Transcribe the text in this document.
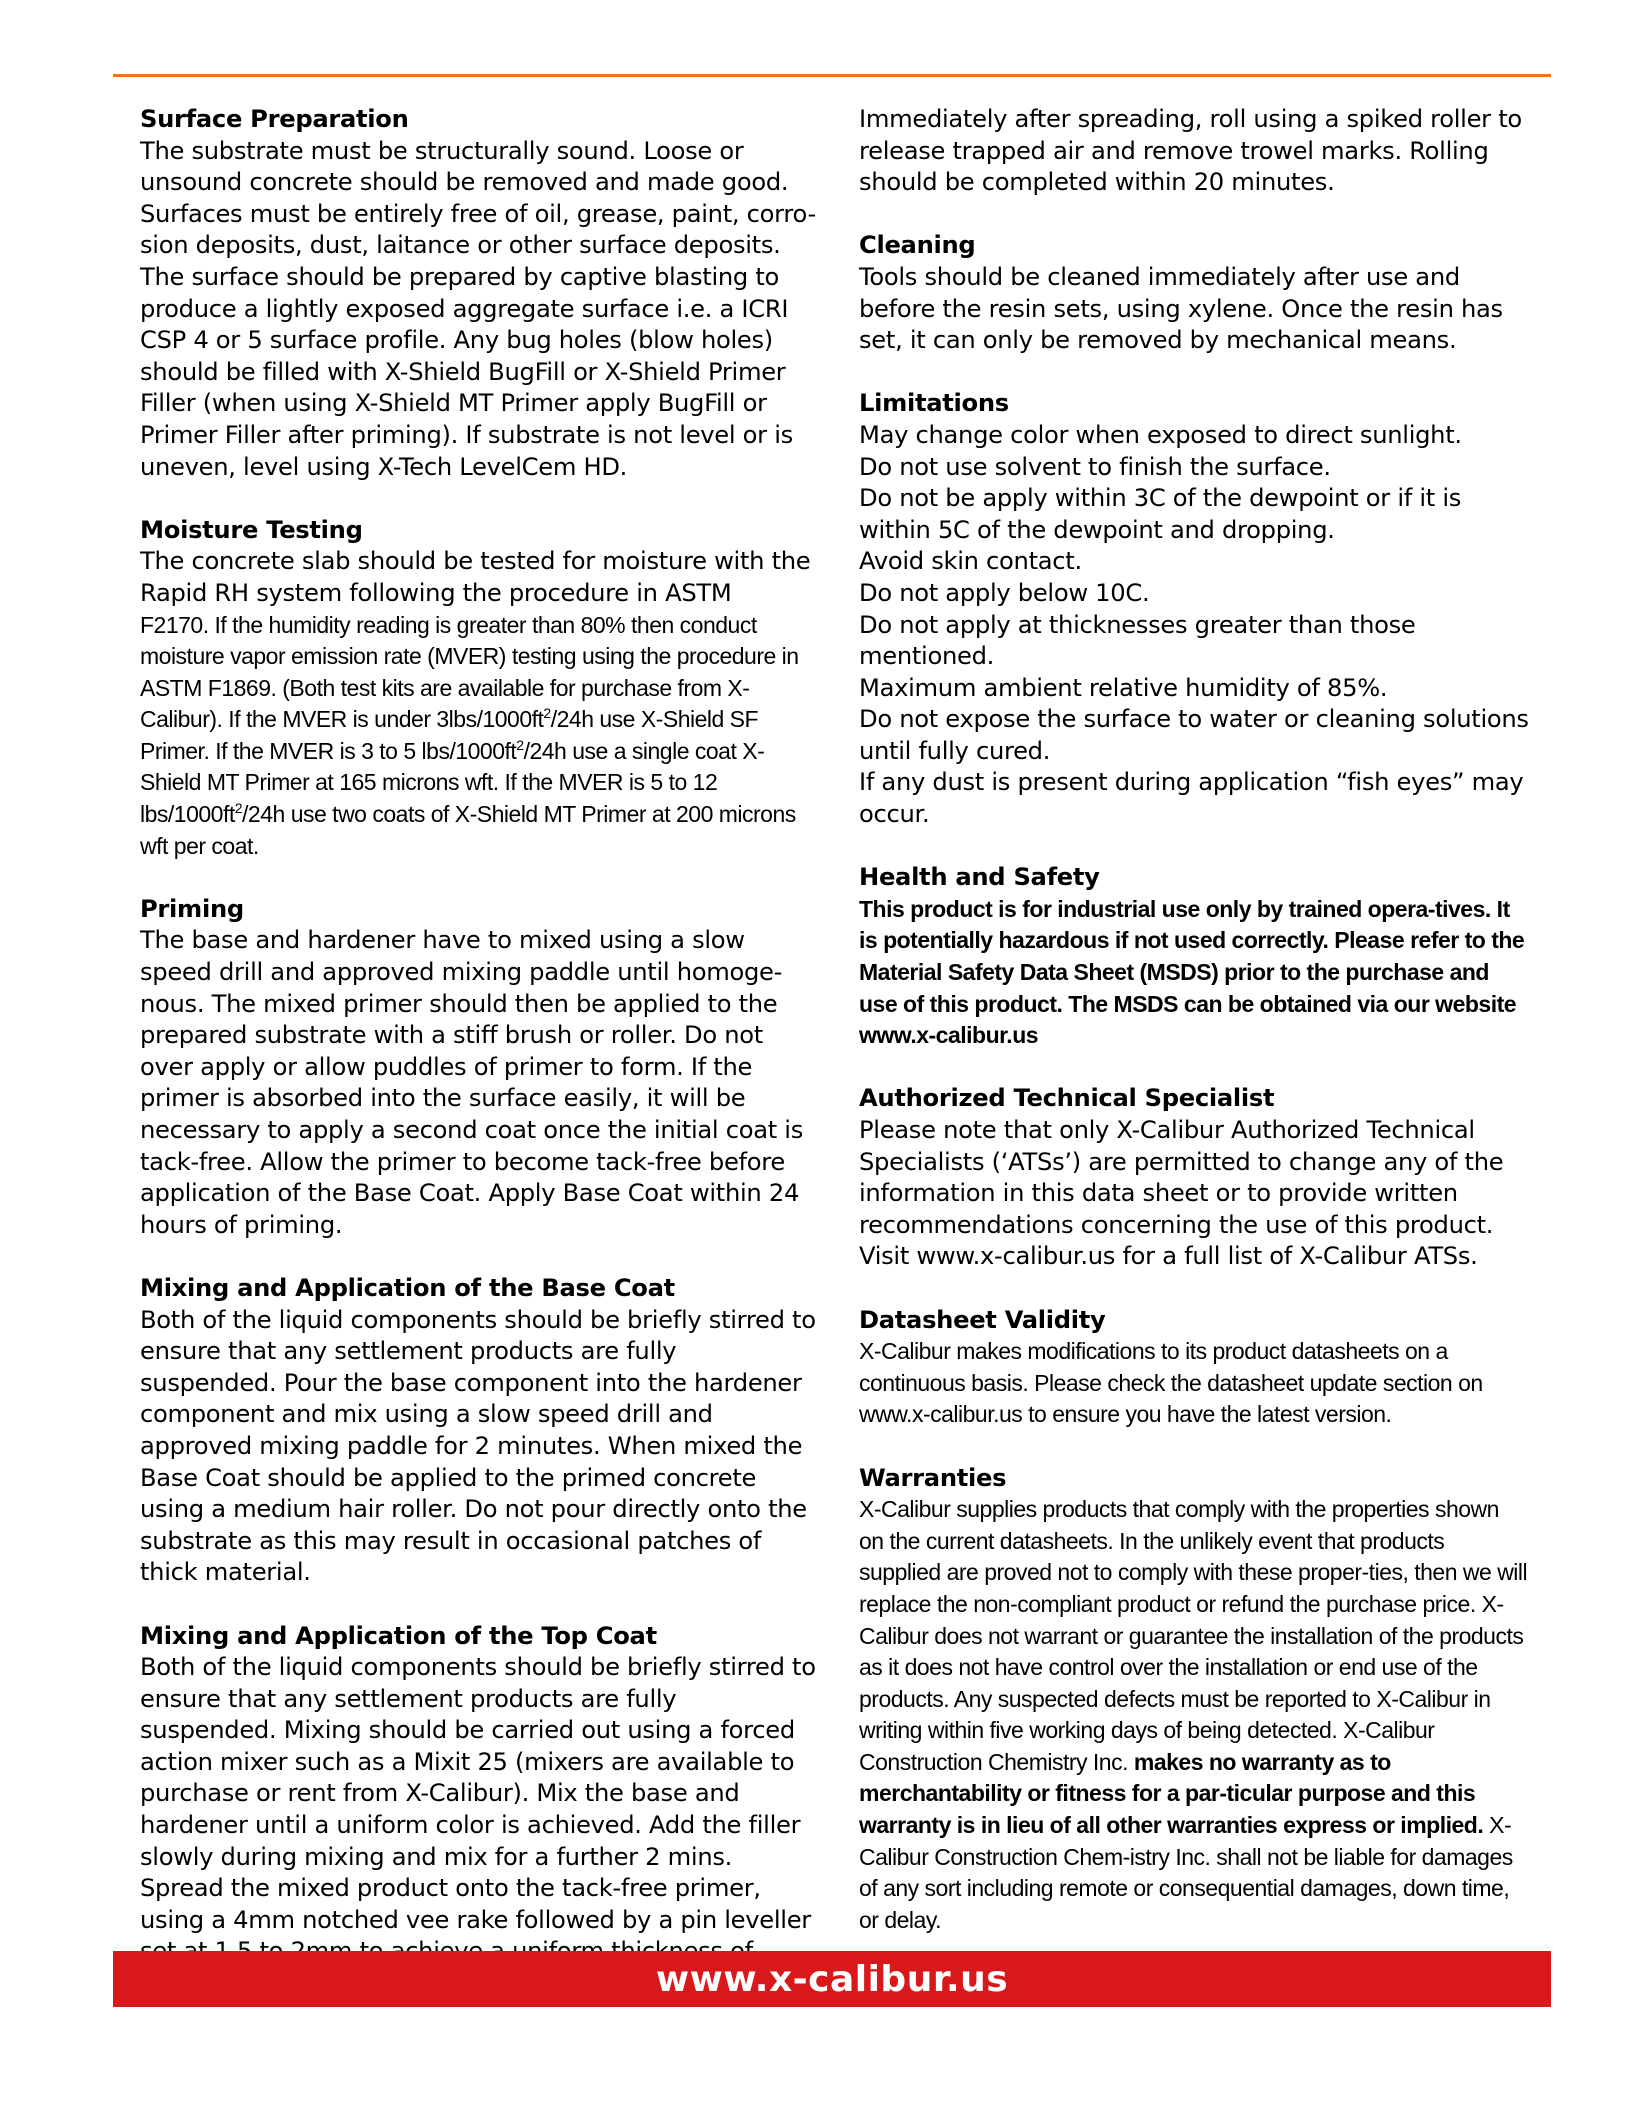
Surface Preparation

The substrate must be structurally sound. Loose or unsound concrete should be removed and made good. Surfaces must be entirely free of oil, grease, paint, corro-sion deposits, dust, laitance or other surface deposits. The surface should be prepared by captive blasting to produce a lightly exposed aggregate surface i.e. a ICRI CSP 4 or 5 surface profile. Any bug holes (blow holes) should be filled with X-Shield BugFill or X-Shield Primer Filler (when using X-Shield MT Primer apply BugFill or Primer Filler after priming). If substrate is not level or is uneven, level using X-Tech LevelCem HD.

Moisture Testing

The concrete slab should be tested for moisture with the Rapid RH system following the procedure in ASTM

F2170. If the humidity reading is greater than 80% then conduct moisture vapor emission rate (MVER) testing using the procedure in ASTM F1869. (Both test kits are available for purchase from X-Calibur). If the MVER is under $3lbs/1000ft^2/24h$ use X-Shield SF Primer. If the MVER is 3 to 5 lbs/$1000ft^2/24h$ use a single coat X-Shield MT Primer at 165 microns wft. If the MVER is 5 to 12 lbs/$1000ft^2/24h$ use two coats of X-Shield MT Primer at 200 microns wft per coat.

Priming

The base and hardener have to mixed using a slow speed drill and approved mixing paddle until homoge-nous. The mixed primer should then be applied to the prepared substrate with a stiff brush or roller. Do not over apply or allow puddles of primer to form. If the primer is absorbed into the surface easily, it will be necessary to apply a second coat once the initial coat is tack-free. Allow the primer to become tack-free before application of the Base Coat. Apply Base Coat within 24 hours of priming.

Mixing and Application of the Base Coat

Both of the liquid components should be briefly stirred to ensure that any settlement products are fully suspended. Pour the base component into the hardener component and mix using a slow speed drill and approved mixing paddle for 2 minutes. When mixed the Base Coat should be applied to the primed concrete using a medium hair roller. Do not pour directly onto the substrate as this may result in occasional patches of thick material.

Mixing and Application of the Top Coat

Both of the liquid components should be briefly stirred to ensure that any settlement products are fully suspended. Mixing should be carried out using a forced action mixer such as a Mixit 25 (mixers are available to purchase or rent from X-Calibur). Mix the base and hardener until a uniform color is achieved. Add the filler slowly during mixing and mix for a further 2 mins. Spread the mixed product onto the tack-free primer, using a 4mm notched vee rake followed by a pin leveller

Immediately after spreading, roll using a spiked roller to release trapped air and remove trowel marks. Rolling should be completed within 20 minutes.

Cleaning

Tools should be cleaned immediately after use and before the resin sets, using xylene. Once the resin has set, it can only be removed by mechanical means.

Limitations

May change color when exposed to direct sunlight.

Do not use solvent to finish the surface.

Do not be apply within 3C of the dewpoint or if it is within 5C of the dewpoint and dropping.

Avoid skin contact.

Do not apply below 10C.

Do not apply at thicknesses greater than those mentioned.

Maximum ambient relative humidity of 85%.

Do not expose the surface to water or cleaning solutions until fully cured.

If any dust is present during application “fish eyes” may occur.

Health and Safety

This product is for industrial use only by trained opera-tives. It is potentially hazardous if not used correctly. Please refer to the Material Safety Data Sheet (MSDS) prior to the purchase and use of this product. The MSDS can be obtained via our website www.x-calibur.us

Authorized Technical Specialist

Please note that only X-Calibur Authorized Technical Specialists (‘ATSs’) are permitted to change any of the information in this data sheet or to provide written recommendations concerning the use of this product. Visit www.x-calibur.us for a full list of X-Calibur ATSs.

Datasheet Validity

X-Calibur makes modifications to its product datasheets on a continuous basis. Please check the datasheet update section on www.x-calibur.us to ensure you have the latest version.

Warranties

X-Calibur supplies products that comply with the properties shown on the current datasheets. In the unlikely event that products supplied are proved not to comply with these proper-ties, then we will replace the non-compliant product or refund the purchase price. X-Calibur does not warrant or guarantee the installation of the products as it does not have control over the installation or end use of the products. Any suspected defects must be reported to X-Calibur in writing within five working days of being detected. X-Calibur Construction Chemistry Inc. makes no warranty as to merchantability or fitness for a par-ticular purpose and this warranty is in lieu of all other warranties express or implied. X-Calibur Construction Chem-istry Inc. shall not be liable for damages of any sort including remote or consequential damages, down time, or delay.

www.x-calibur.us
